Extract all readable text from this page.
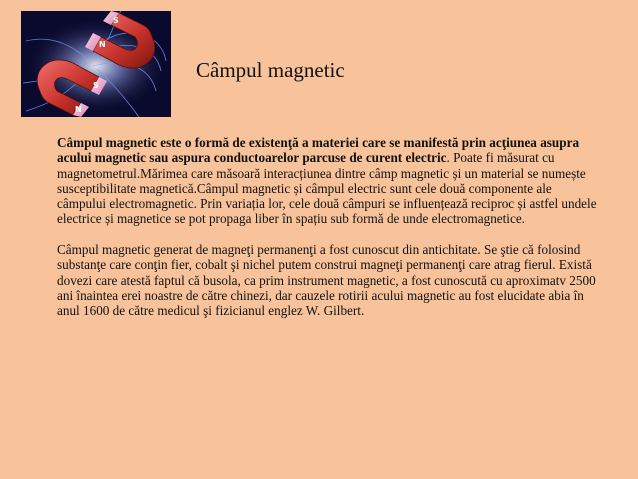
S
N
S
N
Câmpul magnetic

Câmpul magnetic este o formă de existenţă a materiei care se manifestă prin acţiunea asupra acului magnetic sau aspura conductoarelor parcuse de curent electric. Poate fi măsurat cu magnetometrul.Mărimea care măsoară interacțiunea dintre câmp magnetic și un material se numește susceptibilitate magnetică.Câmpul magnetic și câmpul electric sunt cele două componente ale câmpului electromagnetic. Prin variația lor, cele două câmpuri se influențează reciproc și astfel undele electrice și magnetice se pot propaga liber în spațiu sub formă de unde electromagnetice.

Câmpul magnetic generat de magneţi permanenţi a fost cunoscut din antichitate. Se ştie că folosind substanţe care conţin fier, cobalt şi nichel putem construi magneţi permanenţi care atrag fierul. Există dovezi care atestă faptul că busola, ca prim instrument magnetic, a fost cunoscută cu aproximatv 2500 ani înaintea erei noastre de către chinezi, dar cauzele rotirii acului magnetic au fost elucidate abia în anul 1600 de către medicul şi fizicianul englez W. Gilbert.
